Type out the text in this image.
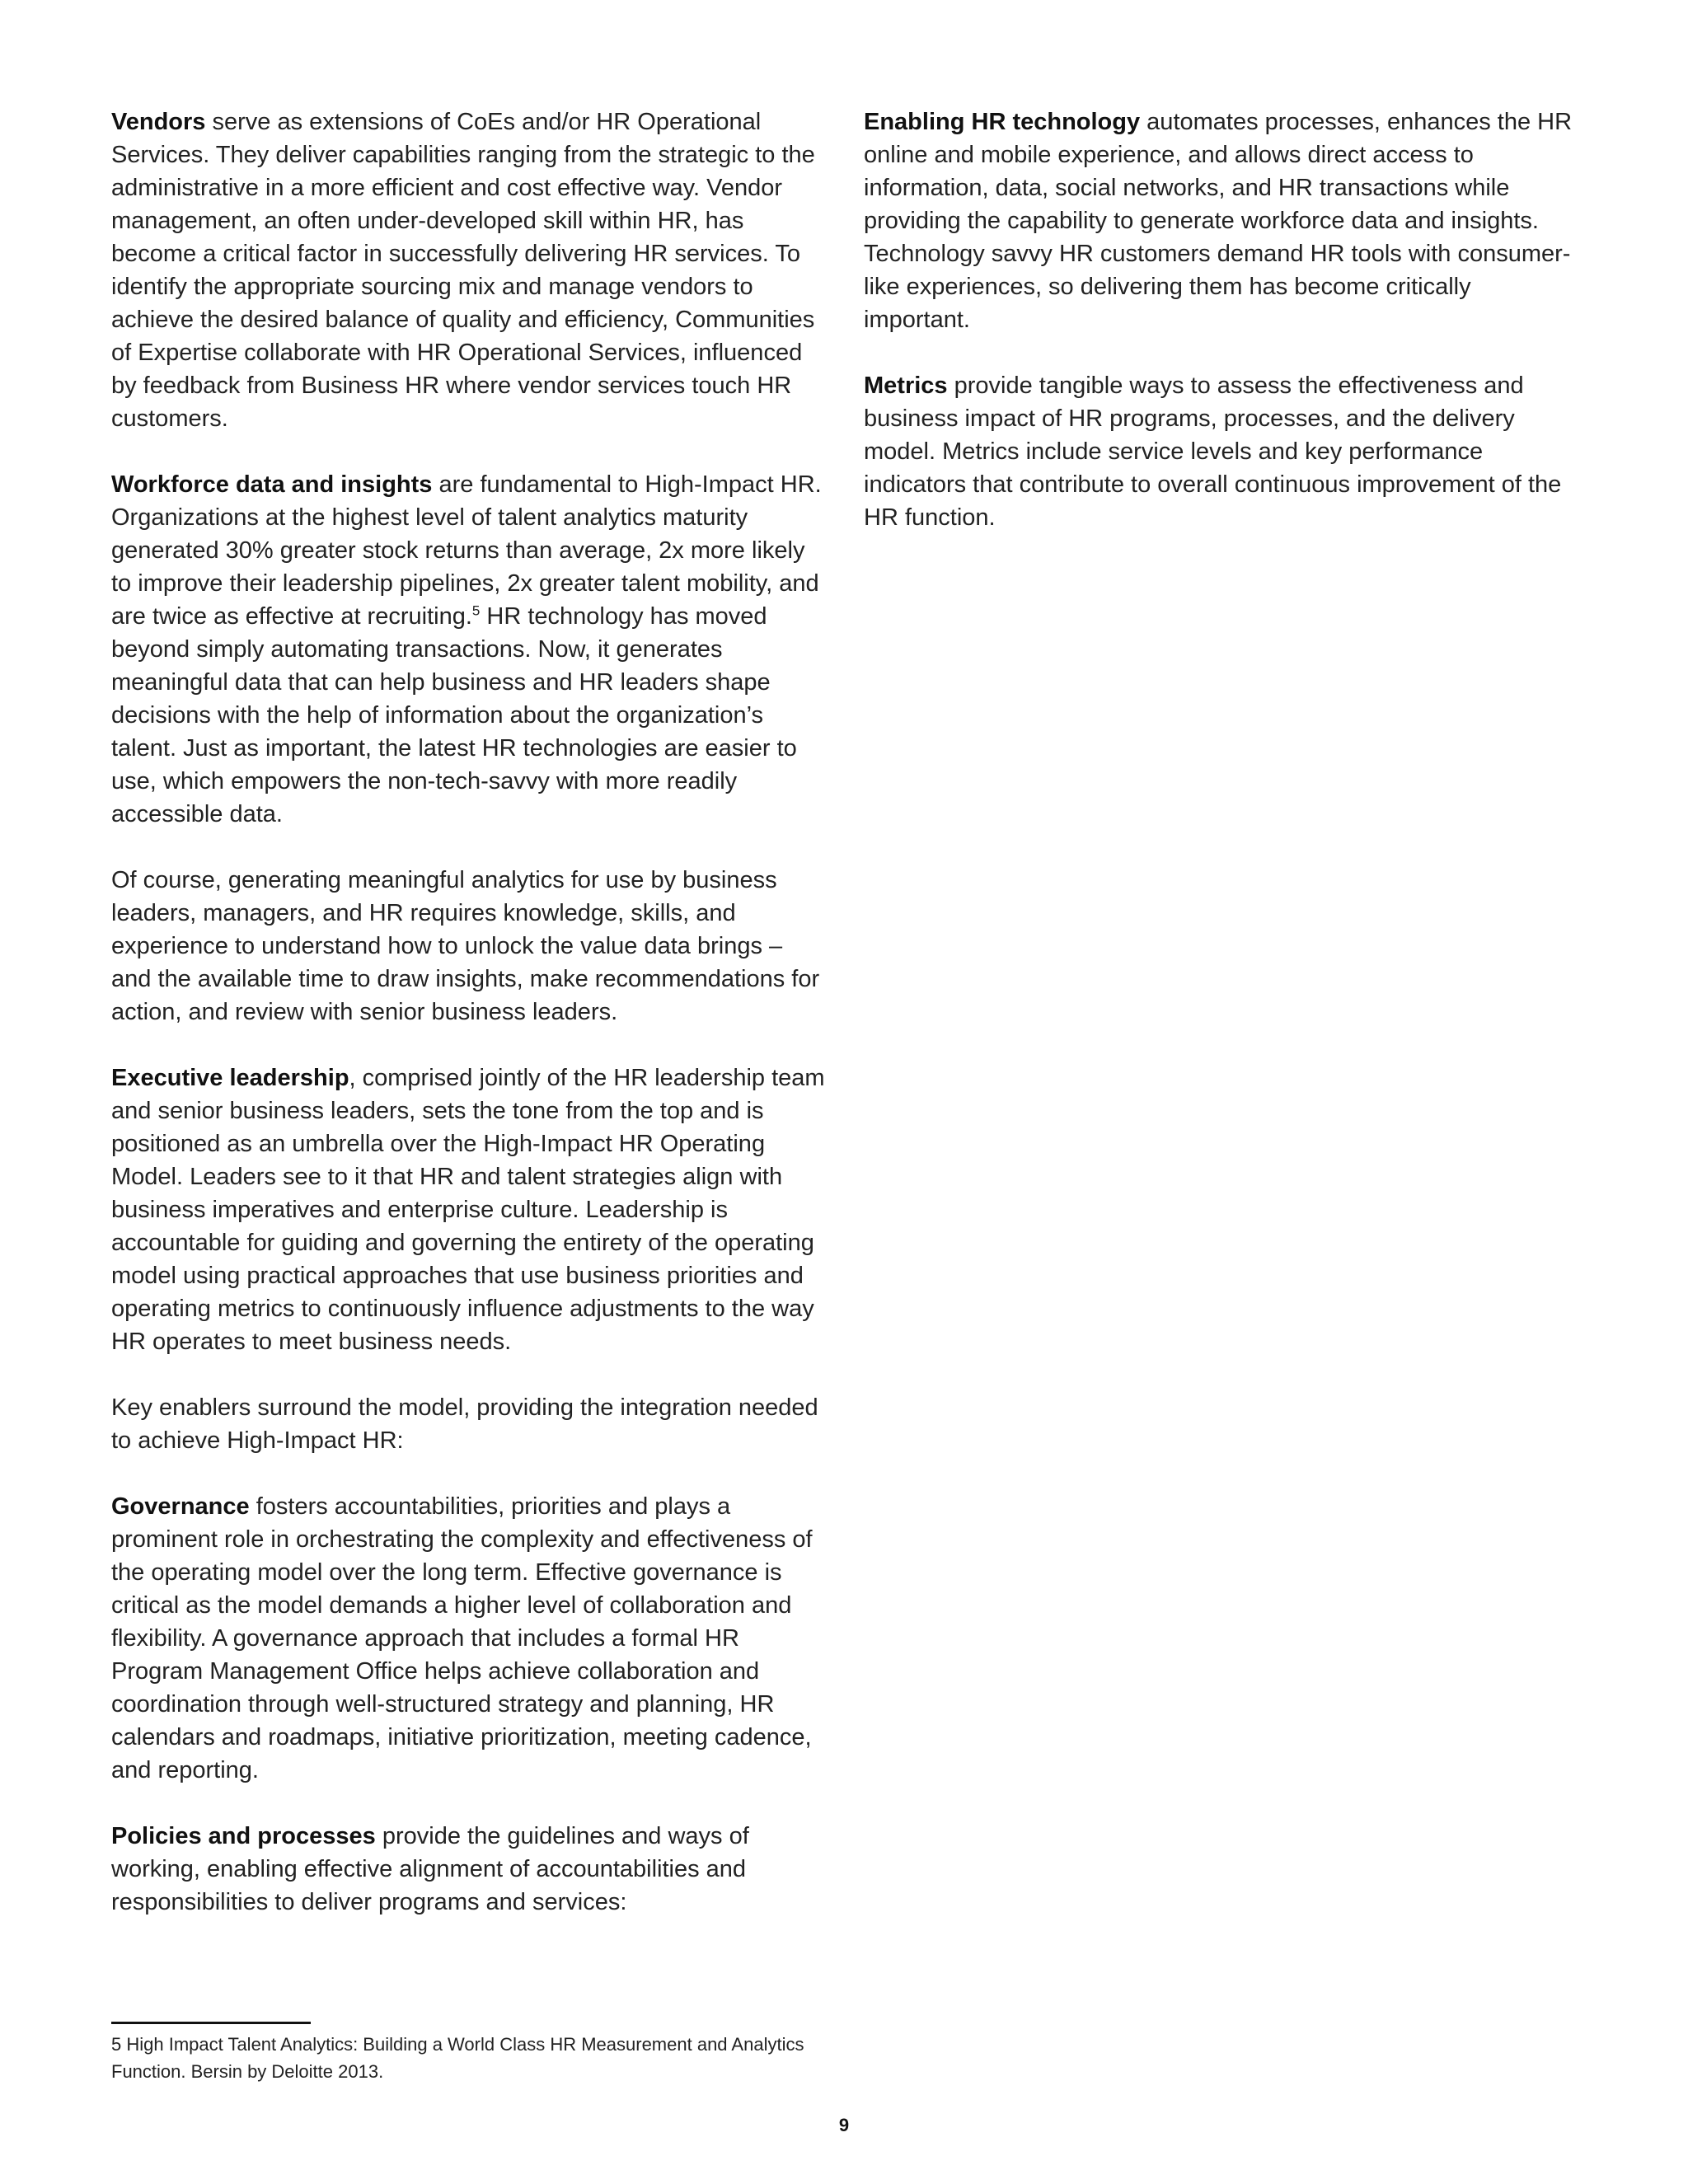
Vendors serve as extensions of CoEs and/or HR Operational Services. They deliver capabilities ranging from the strategic to the administrative in a more efficient and cost effective way. Vendor management, an often under-developed skill within HR, has become a critical factor in successfully delivering HR services. To identify the appropriate sourcing mix and manage vendors to achieve the desired balance of quality and efficiency, Communities of Expertise collaborate with HR Operational Services, influenced by feedback from Business HR where vendor services touch HR customers.

Workforce data and insights are fundamental to High-Impact HR. Organizations at the highest level of talent analytics maturity generated 30% greater stock returns than average, 2x more likely to improve their leadership pipelines, 2x greater talent mobility, and are twice as effective at recruiting.$^5$ HR technology has moved beyond simply automating transactions. Now, it generates meaningful data that can help business and HR leaders shape decisions with the help of information about the organization’s talent. Just as important, the latest HR technologies are easier to use, which empowers the non-tech-savvy with more readily accessible data.

Of course, generating meaningful analytics for use by business leaders, managers, and HR requires knowledge, skills, and experience to understand how to unlock the value data brings – and the available time to draw insights, make recommendations for action, and review with senior business leaders.

Executive leadership, comprised jointly of the HR leadership team and senior business leaders, sets the tone from the top and is positioned as an umbrella over the High-Impact HR Operating Model. Leaders see to it that HR and talent strategies align with business imperatives and enterprise culture. Leadership is accountable for guiding and governing the entirety of the operating model using practical approaches that use business priorities and operating metrics to continuously influence adjustments to the way HR operates to meet business needs.

Key enablers surround the model, providing the integration needed to achieve High-Impact HR:

Governance fosters accountabilities, priorities and plays a prominent role in orchestrating the complexity and effectiveness of the operating model over the long term. Effective governance is critical as the model demands a higher level of collaboration and flexibility. A governance approach that includes a formal HR Program Management Office helps achieve collaboration and coordination through well-structured strategy and planning, HR calendars and roadmaps, initiative prioritization, meeting cadence, and reporting.

Policies and processes provide the guidelines and ways of working, enabling effective alignment of accountabilities and responsibilities to deliver programs and services:

Enabling HR technology automates processes, enhances the HR online and mobile experience, and allows direct access to information, data, social networks, and HR transactions while providing the capability to generate workforce data and insights. Technology savvy HR customers demand HR tools with consumer-like experiences, so delivering them has become critically important.

Metrics provide tangible ways to assess the effectiveness and business impact of HR programs, processes, and the delivery model. Metrics include service levels and key performance indicators that contribute to overall continuous improvement of the HR function.

5 High Impact Talent Analytics: Building a World Class HR Measurement and Analytics Function. Bersin by Deloitte 2013.

9
